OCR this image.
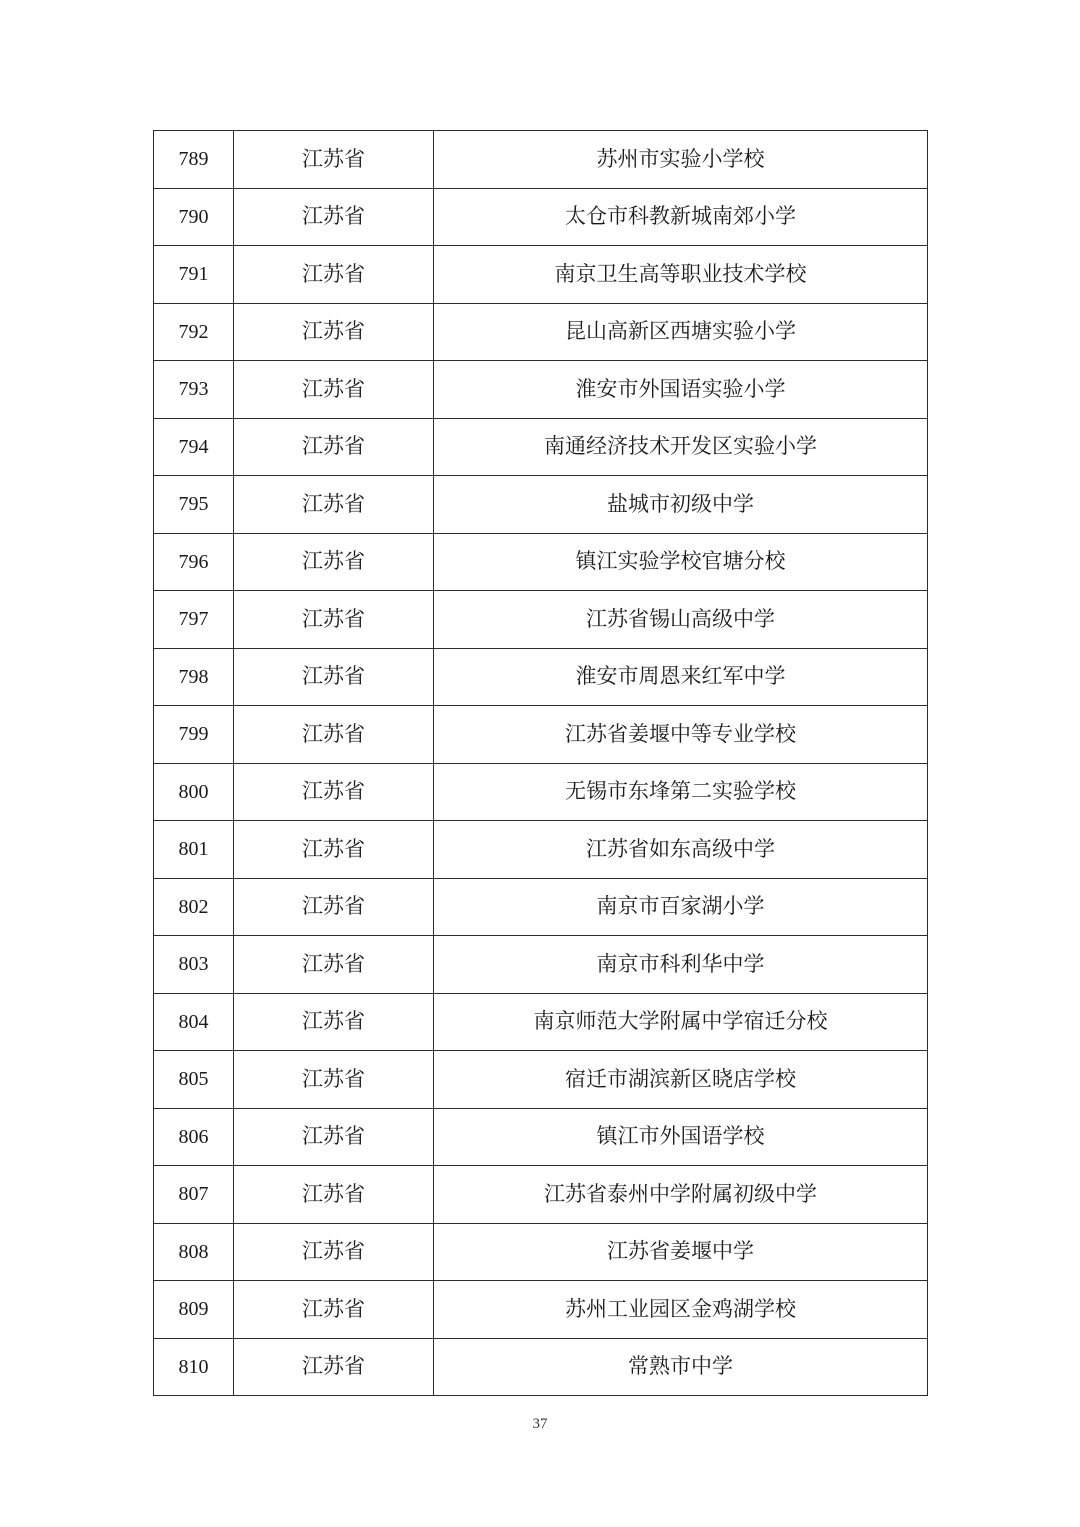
789	江苏省	苏州市实验小学校
790	江苏省	太仓市科教新城南郊小学
791	江苏省	南京卫生高等职业技术学校
792	江苏省	昆山高新区西塘实验小学
793	江苏省	淮安市外国语实验小学
794	江苏省	南通经济技术开发区实验小学
795	江苏省	盐城市初级中学
796	江苏省	镇江实验学校官塘分校
797	江苏省	江苏省锡山高级中学
798	江苏省	淮安市周恩来红军中学
799	江苏省	江苏省姜堰中等专业学校
800	江苏省	无锡市东埄第二实验学校
801	江苏省	江苏省如东高级中学
802	江苏省	南京市百家湖小学
803	江苏省	南京市科利华中学
804	江苏省	南京师范大学附属中学宿迁分校
805	江苏省	宿迁市湖滨新区晓店学校
806	江苏省	镇江市外国语学校
807	江苏省	江苏省泰州中学附属初级中学
808	江苏省	江苏省姜堰中学
809	江苏省	苏州工业园区金鸡湖学校
810	江苏省	常熟市中学
37
